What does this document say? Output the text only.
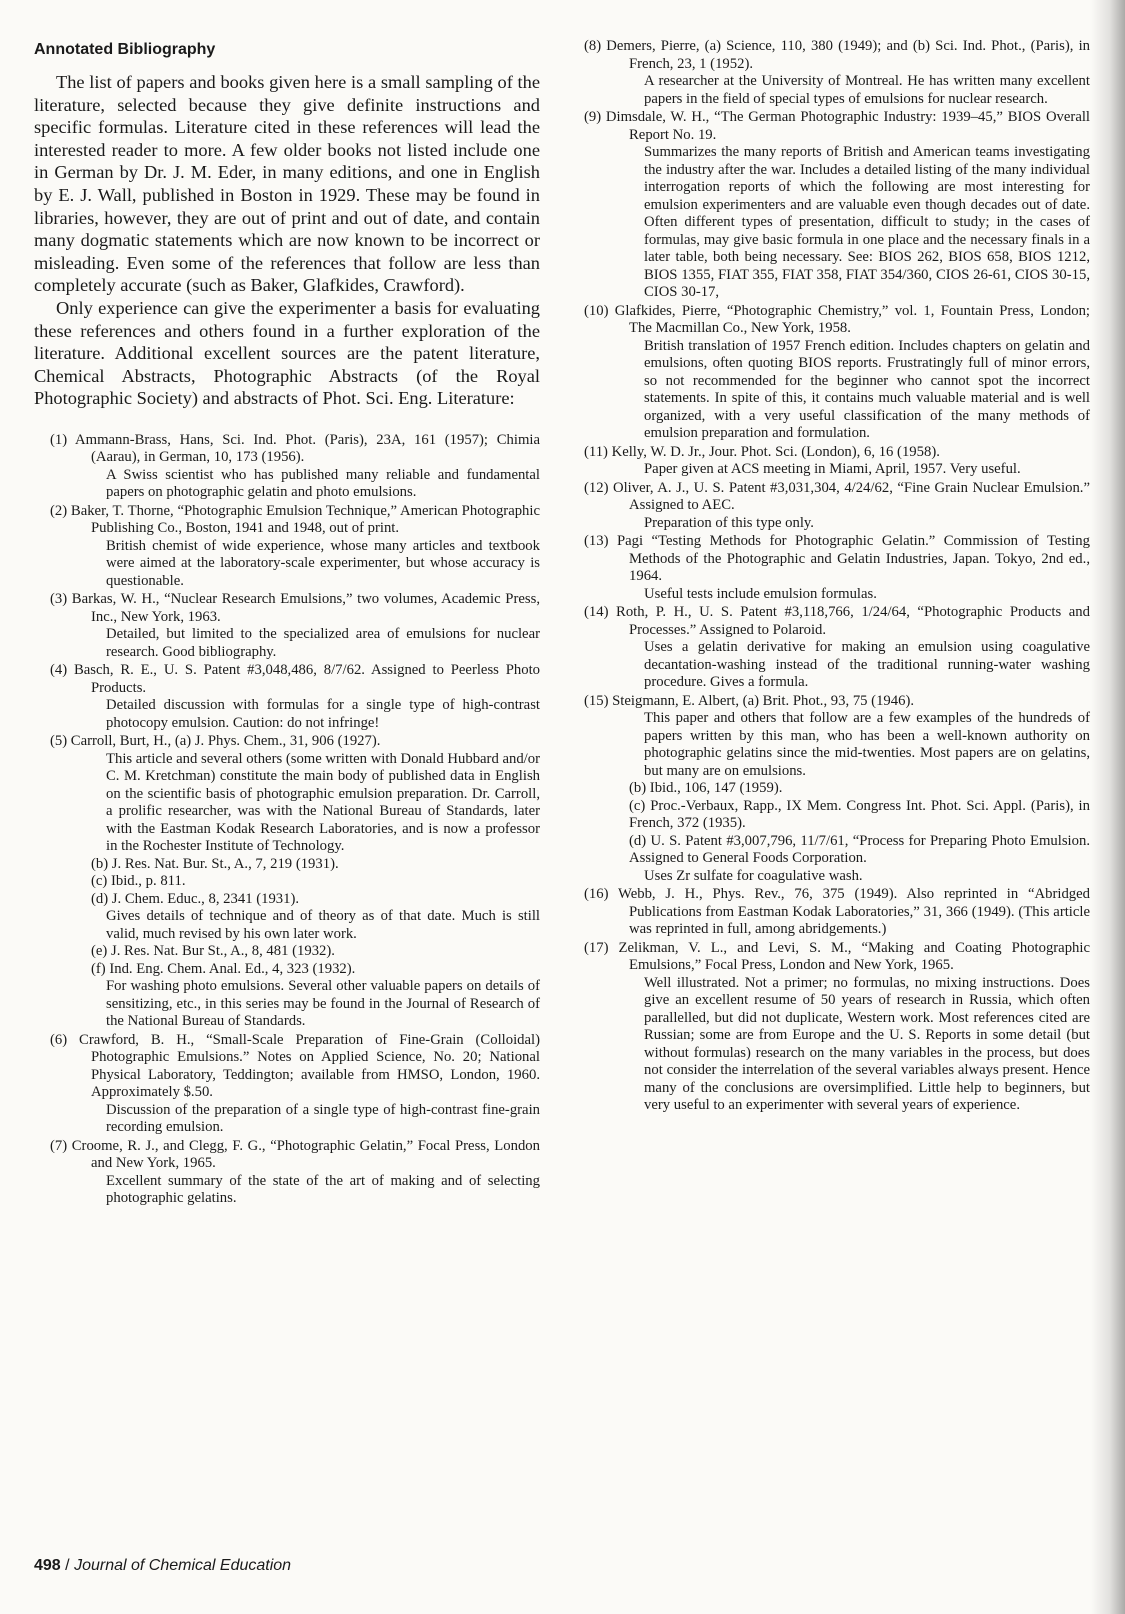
Annotated Bibliography

The list of papers and books given here is a small sampling of the literature, selected because they give definite instructions and specific formulas. Literature cited in these references will lead the interested reader to more. A few older books not listed include one in German by Dr. J. M. Eder, in many editions, and one in English by E. J. Wall, published in Boston in 1929. These may be found in libraries, however, they are out of print and out of date, and contain many dogmatic statements which are now known to be incorrect or misleading. Even some of the references that follow are less than completely accurate (such as Baker, Glafkides, Crawford).

Only experience can give the experimenter a basis for evaluating these references and others found in a further exploration of the literature. Additional excellent sources are the patent literature, Chemical Abstracts, Photographic Abstracts (of the Royal Photographic Society) and abstracts of Phot. Sci. Eng. Literature:

(1) Ammann-Brass, Hans, Sci. Ind. Phot. (Paris), 23A, 161 (1957); Chimia (Aarau), in German, 10, 173 (1956).
A Swiss scientist who has published many reliable and fundamental papers on photographic gelatin and photo emulsions.
(2) Baker, T. Thorne, “Photographic Emulsion Technique,” American Photographic Publishing Co., Boston, 1941 and 1948, out of print.
British chemist of wide experience, whose many articles and textbook were aimed at the laboratory-scale experimenter, but whose accuracy is questionable.
(3) Barkas, W. H., “Nuclear Research Emulsions,” two volumes, Academic Press, Inc., New York, 1963.
Detailed, but limited to the specialized area of emulsions for nuclear research. Good bibliography.
(4) Basch, R. E., U. S. Patent #3,048,486, 8/7/62. Assigned to Peerless Photo Products.
Detailed discussion with formulas for a single type of high-contrast photocopy emulsion. Caution: do not infringe!
(5) Carroll, Burt, H., (a) J. Phys. Chem., 31, 906 (1927).
This article and several others (some written with Donald Hubbard and/or C. M. Kretchman) constitute the main body of published data in English on the scientific basis of photographic emulsion preparation. Dr. Carroll, a prolific researcher, was with the National Bureau of Standards, later with the Eastman Kodak Research Laboratories, and is now a professor in the Rochester Institute of Technology.
(b) J. Res. Nat. Bur. St., A., 7, 219 (1931).
(c) Ibid., p. 811.
(d) J. Chem. Educ., 8, 2341 (1931).
Gives details of technique and of theory as of that date. Much is still valid, much revised by his own later work.
(e) J. Res. Nat. Bur St., A., 8, 481 (1932).
(f) Ind. Eng. Chem. Anal. Ed., 4, 323 (1932).
For washing photo emulsions. Several other valuable papers on details of sensitizing, etc., in this series may be found in the Journal of Research of the National Bureau of Standards.
(6) Crawford, B. H., “Small-Scale Preparation of Fine-Grain (Colloidal) Photographic Emulsions.” Notes on Applied Science, No. 20; National Physical Laboratory, Teddington; available from HMSO, London, 1960. Approximately $.50.
Discussion of the preparation of a single type of high-contrast fine-grain recording emulsion.
(7) Croome, R. J., and Clegg, F. G., “Photographic Gelatin,” Focal Press, London and New York, 1965.
Excellent summary of the state of the art of making and of selecting photographic gelatins.
(8) Demers, Pierre, (a) Science, 110, 380 (1949); and (b) Sci. Ind. Phot., (Paris), in French, 23, 1 (1952).
A researcher at the University of Montreal. He has written many excellent papers in the field of special types of emulsions for nuclear research.
(9) Dimsdale, W. H., “The German Photographic Industry: 1939–45,” BIOS Overall Report No. 19.
Summarizes the many reports of British and American teams investigating the industry after the war. Includes a detailed listing of the many individual interrogation reports of which the following are most interesting for emulsion experimenters and are valuable even though decades out of date. Often different types of presentation, difficult to study; in the cases of formulas, may give basic formula in one place and the necessary finals in a later table, both being necessary. See: BIOS 262, BIOS 658, BIOS 1212, BIOS 1355, FIAT 355, FIAT 358, FIAT 354/360, CIOS 26-61, CIOS 30-15, CIOS 30-17,
(10) Glafkides, Pierre, “Photographic Chemistry,” vol. 1, Fountain Press, London; The Macmillan Co., New York, 1958.
British translation of 1957 French edition. Includes chapters on gelatin and emulsions, often quoting BIOS reports. Frustratingly full of minor errors, so not recommended for the beginner who cannot spot the incorrect statements. In spite of this, it contains much valuable material and is well organized, with a very useful classification of the many methods of emulsion preparation and formulation.
(11) Kelly, W. D. Jr., Jour. Phot. Sci. (London), 6, 16 (1958).
Paper given at ACS meeting in Miami, April, 1957. Very useful.
(12) Oliver, A. J., U. S. Patent #3,031,304, 4/24/62, “Fine Grain Nuclear Emulsion.” Assigned to AEC.
Preparation of this type only.
(13) Pagi “Testing Methods for Photographic Gelatin.” Commission of Testing Methods of the Photographic and Gelatin Industries, Japan. Tokyo, 2nd ed., 1964.
Useful tests include emulsion formulas.
(14) Roth, P. H., U. S. Patent #3,118,766, 1/24/64, “Photographic Products and Processes.” Assigned to Polaroid.
Uses a gelatin derivative for making an emulsion using coagulative decantation-washing instead of the traditional running-water washing procedure. Gives a formula.
(15) Steigmann, E. Albert, (a) Brit. Phot., 93, 75 (1946).
This paper and others that follow are a few examples of the hundreds of papers written by this man, who has been a well-known authority on photographic gelatins since the mid-twenties. Most papers are on gelatins, but many are on emulsions.
(b) Ibid., 106, 147 (1959).
(c) Proc.-Verbaux, Rapp., IX Mem. Congress Int. Phot. Sci. Appl. (Paris), in French, 372 (1935).
(d) U. S. Patent #3,007,796, 11/7/61, “Process for Preparing Photo Emulsion. Assigned to General Foods Corporation.
Uses Zr sulfate for coagulative wash.
(16) Webb, J. H., Phys. Rev., 76, 375 (1949). Also reprinted in “Abridged Publications from Eastman Kodak Laboratories,” 31, 366 (1949). (This article was reprinted in full, among abridgements.)
(17) Zelikman, V. L., and Levi, S. M., “Making and Coating Photographic Emulsions,” Focal Press, London and New York, 1965.
Well illustrated. Not a primer; no formulas, no mixing instructions. Does give an excellent resume of 50 years of research in Russia, which often parallelled, but did not duplicate, Western work. Most references cited are Russian; some are from Europe and the U. S. Reports in some detail (but without formulas) research on the many variables in the process, but does not consider the interrelation of the several variables always present. Hence many of the conclusions are oversimplified. Little help to beginners, but very useful to an experimenter with several years of experience.
498 / Journal of Chemical Education
